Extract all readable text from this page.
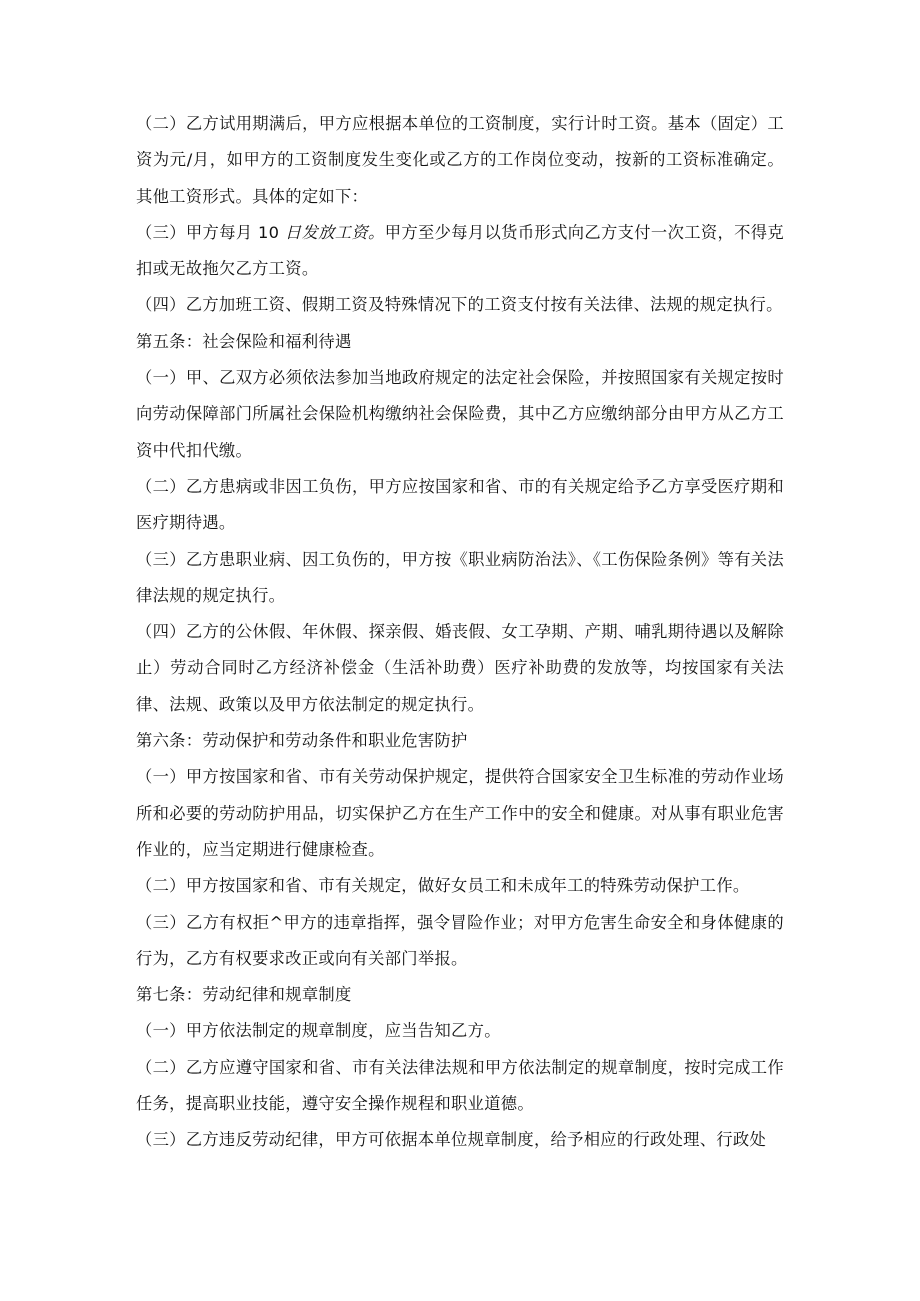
（二）乙方试用期满后，甲方应根据本单位的工资制度，实行计时工资。基本（固定）工资为元/月，如甲方的工资制度发生变化或乙方的工作岗位变动，按新的工资标准确定。其他工资形式。具体的定如下：

（三）甲方每月 10 日发放工资。甲方至少每月以货币形式向乙方支付一次工资，不得克扣或无故拖欠乙方工资。

（四）乙方加班工资、假期工资及特殊情况下的工资支付按有关法律、法规的规定执行。

第五条：社会保险和福利待遇

（一）甲、乙双方必须依法参加当地政府规定的法定社会保险，并按照国家有关规定按时向劳动保障部门所属社会保险机构缴纳社会保险费，其中乙方应缴纳部分由甲方从乙方工资中代扣代缴。

（二）乙方患病或非因工负伤，甲方应按国家和省、市的有关规定给予乙方享受医疗期和医疗期待遇。

（三）乙方患职业病、因工负伤的，甲方按《职业病防治法》、《工伤保险条例》等有关法律法规的规定执行。

（四）乙方的公休假、年休假、探亲假、婚丧假、女工孕期、产期、哺乳期待遇以及解除止）劳动合同时乙方经济补偿金（生活补助费）医疗补助费的发放等，均按国家有关法律、法规、政策以及甲方依法制定的规定执行。

第六条：劳动保护和劳动条件和职业危害防护

（一）甲方按国家和省、市有关劳动保护规定，提供符合国家安全卫生标准的劳动作业场所和必要的劳动防护用品，切实保护乙方在生产工作中的安全和健康。对从事有职业危害作业的，应当定期进行健康检查。

（二）甲方按国家和省、市有关规定，做好女员工和未成年工的特殊劳动保护工作。

（三）乙方有权拒^甲方的违章指挥，强令冒险作业；对甲方危害生命安全和身体健康的行为，乙方有权要求改正或向有关部门举报。

第七条：劳动纪律和规章制度

（一）甲方依法制定的规章制度，应当告知乙方。

（二）乙方应遵守国家和省、市有关法律法规和甲方依法制定的规章制度，按时完成工作任务，提高职业技能，遵守安全操作规程和职业道德。

（三）乙方违反劳动纪律，甲方可依据本单位规章制度，给予相应的行政处理、行政处
